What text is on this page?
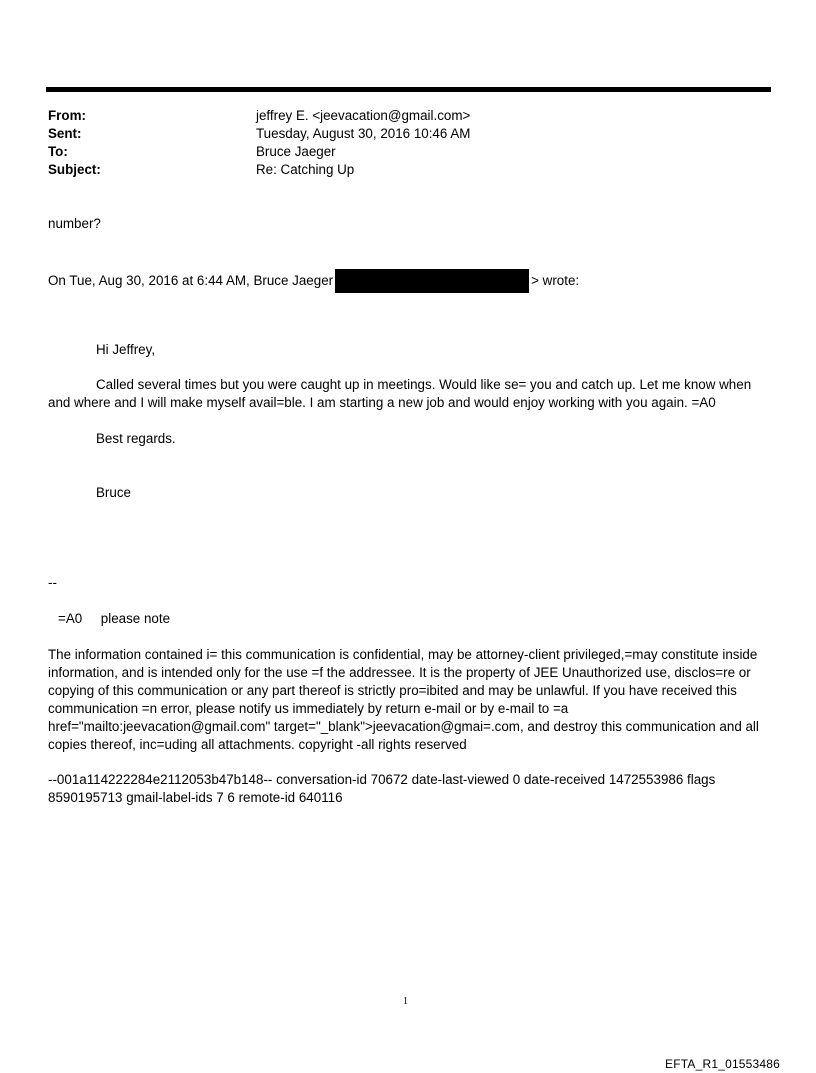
From:	jeffrey E. <jeevacation@gmail.com>
Sent:	Tuesday, August 30, 2016 10:46 AM
To:	Bruce Jaeger
Subject:	Re: Catching Up
number?
On Tue, Aug 30, 2016 at 6:44 AM, Bruce Jaeger	> wrote:
Hi Jeffrey,
Called several times but you were caught up in meetings. Would like se= you and catch up. Let me know when and where and I will make myself avail=ble. I am starting a new job and would enjoy working with you again. =A0
Best regards.
Bruce
--
=A0     please note
The information contained i= this communication is confidential, may be attorney-client privileged,=may constitute inside information, and is intended only for the use =f the addressee. It is the property of JEE Unauthorized use, disclos=re or copying of this communication or any part thereof is strictly pro=ibited and may be unlawful. If you have received this communication =n error, please notify us immediately by return e-mail or by e-mail to =a href="mailto:jeevacation@gmail.com" target="_blank">jeevacation@gmai=.com, and destroy this communication and all copies thereof, inc=uding all attachments. copyright -all rights reserved
--001a114222284e2112053b47b148-- conversation-id 70672 date-last-viewed 0 date-received 1472553986 flags 8590195713 gmail-label-ids 7 6 remote-id 640116
1
EFTA_R1_01553486
